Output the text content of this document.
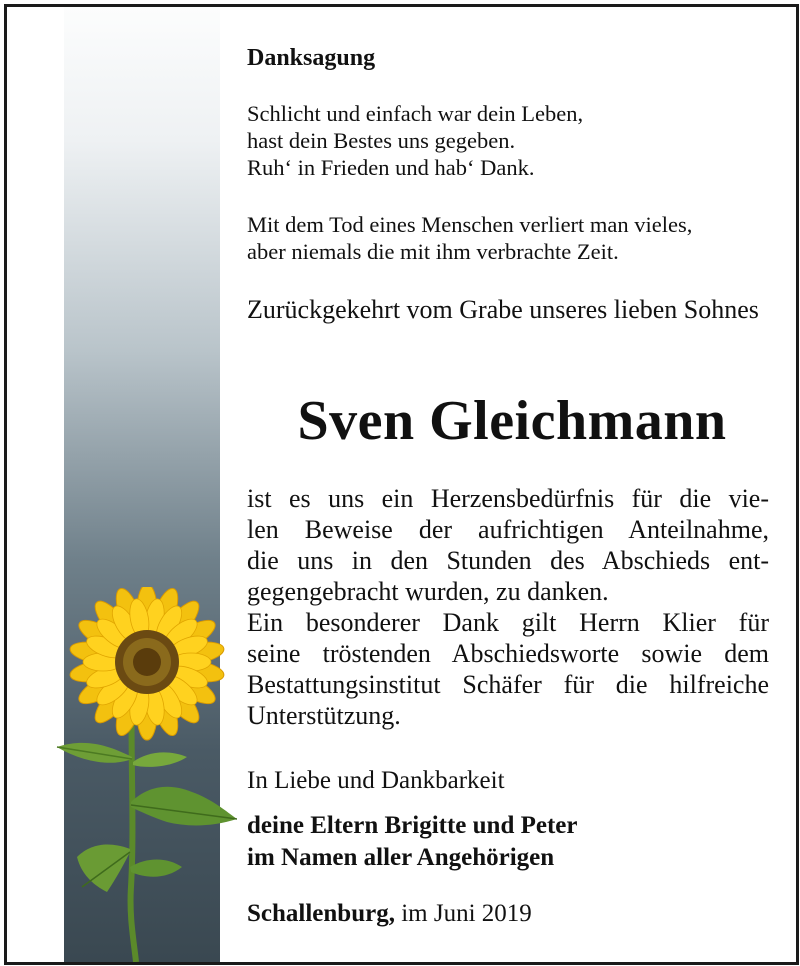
Danksagung
Schlicht und einfach war dein Leben,
hast dein Bestes uns gegeben.
Ruh‘ in Frieden und hab‘ Dank.
Mit dem Tod eines Menschen verliert man vieles,
aber niemals die mit ihm verbrachte Zeit.
Zurückgekehrt vom Grabe unseres lieben Sohnes
Sven Gleichmann
ist es uns ein Herzensbedürfnis für die vie-
len Beweise der aufrichtigen Anteilnahme,
die uns in den Stunden des Abschieds ent-
gegengebracht wurden, zu danken.
Ein besonderer Dank gilt Herrn Klier für
seine tröstenden Abschiedsworte sowie dem
Bestattungsinstitut Schäfer für die hilfreiche
Unterstützung.
In Liebe und Dankbarkeit
deine Eltern Brigitte und Peter
im Namen aller Angehörigen
Schallenburg, im Juni 2019
